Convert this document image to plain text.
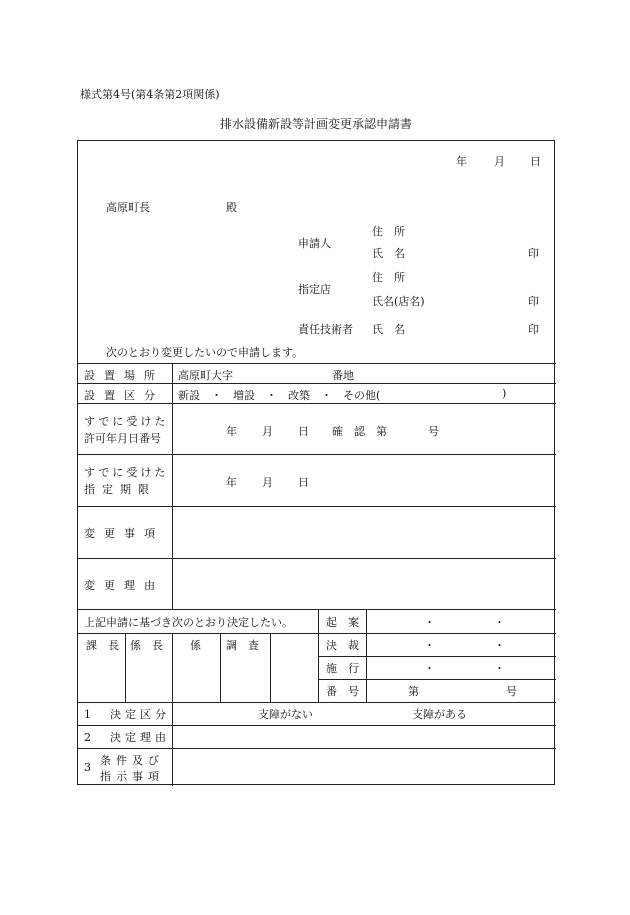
様式第4号(第4条第2項関係)
排水設備新設等計画変更承認申請書
年 月 日
高原町長	殿
申請人
住　所
氏　名	印
指定店
住　所
氏名(店名)	印
責任技術者 氏　名	印
次のとおり変更したいので申請します。
設置場所 高原町大字	番地
設置区分 新設　・　増設　・　改築　・　その他(	)
すでに受けた
許可年月日番号
年 月 日 確　認　第	号
すでに受けた
指定期限
年 月 日
変更事項
変更理由
上記申請に基づき次のとおり決定したい。	起　案	・	・
課　長 係　長 係 調　査	決　裁	・	・
施　行	・	・
番　号	第	号
1　決定区分	支障がない	支障がある
2　決定理由
3
条件及び
指示事項
